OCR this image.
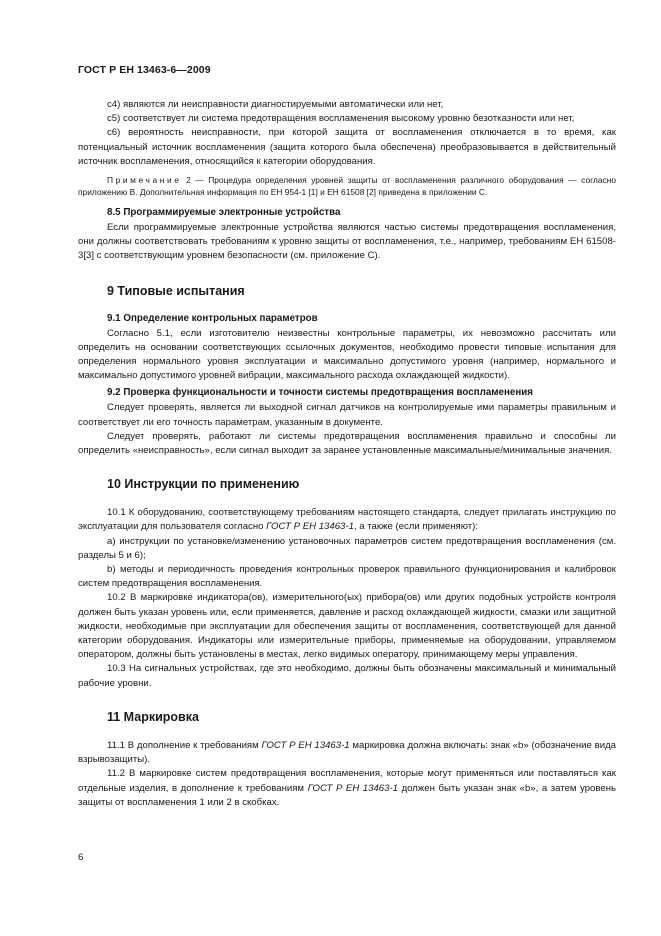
ГОСТ Р ЕН 13463-6—2009

c4) являются ли неисправности диагностируемыми автоматически или нет,

c5) соответствует ли система предотвращения воспламенения высокому уровню безотказности или нет,

c6) вероятность неисправности, при которой защита от воспламенения отключается в то время, как потенциальный источник воспламенения (защита которого была обеспечена) преобразовывается в действительный источник воспламенения, относящийся к категории оборудования.

Примечание 2 — Процедура определения уровней защиты от воспламенения различного оборудования — согласно приложению В. Дополнительная информация по ЕН 954-1 [1] и ЕН 61508 [2] приведена в приложении С.

8.5 Программируемые электронные устройства

Если программируемые электронные устройства являются частью системы предотвращения воспламенения, они должны соответствовать требованиям к уровню защиты от воспламенения, т.е., например, требованиям ЕН 61508-3[3] с соответствующим уровнем безопасности (см. приложение С).

9 Типовые испытания
9.1 Определение контрольных параметров

Согласно 5.1, если изготовителю неизвестны контрольные параметры, их невозможно рассчитать или определить на основании соответствующих ссылочных документов, необходимо провести типовые испытания для определения нормального уровня эксплуатации и максимально допустимого уровня (например, нормального и максимально допустимого уровней вибрации, максимального расхода охлаждающей жидкости).

9.2 Проверка функциональности и точности системы предотвращения воспламенения

Следует проверять, является ли выходной сигнал датчиков на контролируемые ими параметры правильным и соответствует ли его точность параметрам, указанным в документе.

Следует проверять, работают ли системы предотвращения воспламенения правильно и способны ли определить «неисправность», если сигнал выходит за заранее установленные максимальные/минимальные значения.

10 Инструкции по применению

10.1 К оборудованию, соответствующему требованиям настоящего стандарта, следует прилагать инструкцию по эксплуатации для пользователя согласно ГОСТ Р ЕН 13463-1, а также (если применяют):

а) инструкции по установке/изменению установочных параметров систем предотвращения воспламенения (см. разделы 5 и 6);

b) методы и периодичность проведения контрольных проверок правильного функционирования и калибровок систем предотвращения воспламенения.

10.2 В маркировке индикатора(ов), измерительного(ых) прибора(ов) или других подобных устройств контроля должен быть указан уровень или, если применяется, давление и расход охлаждающей жидкости, смазки или защитной жидкости, необходимые при эксплуатации для обеспечения защиты от воспламенения, соответствующей для данной категории оборудования. Индикаторы или измерительные приборы, применяемые на оборудовании, управляемом оператором, должны быть установлены в местах, легко видимых оператору, принимающему меры управления.

10.3 На сигнальных устройствах, где это необходимо, должны быть обозначены максимальный и минимальный рабочие уровни.

11 Маркировка

11.1 В дополнение к требованиям ГОСТ Р ЕН 13463-1 маркировка должна включать: знак «b» (обозначение вида взрывозащиты).

11.2 В маркировке систем предотвращения воспламенения, которые могут применяться или поставляться как отдельные изделия, в дополнение к требованиям ГОСТ Р ЕН 13463-1 должен быть указан знак «b», а затем уровень защиты от воспламенения 1 или 2 в скобках.

6
